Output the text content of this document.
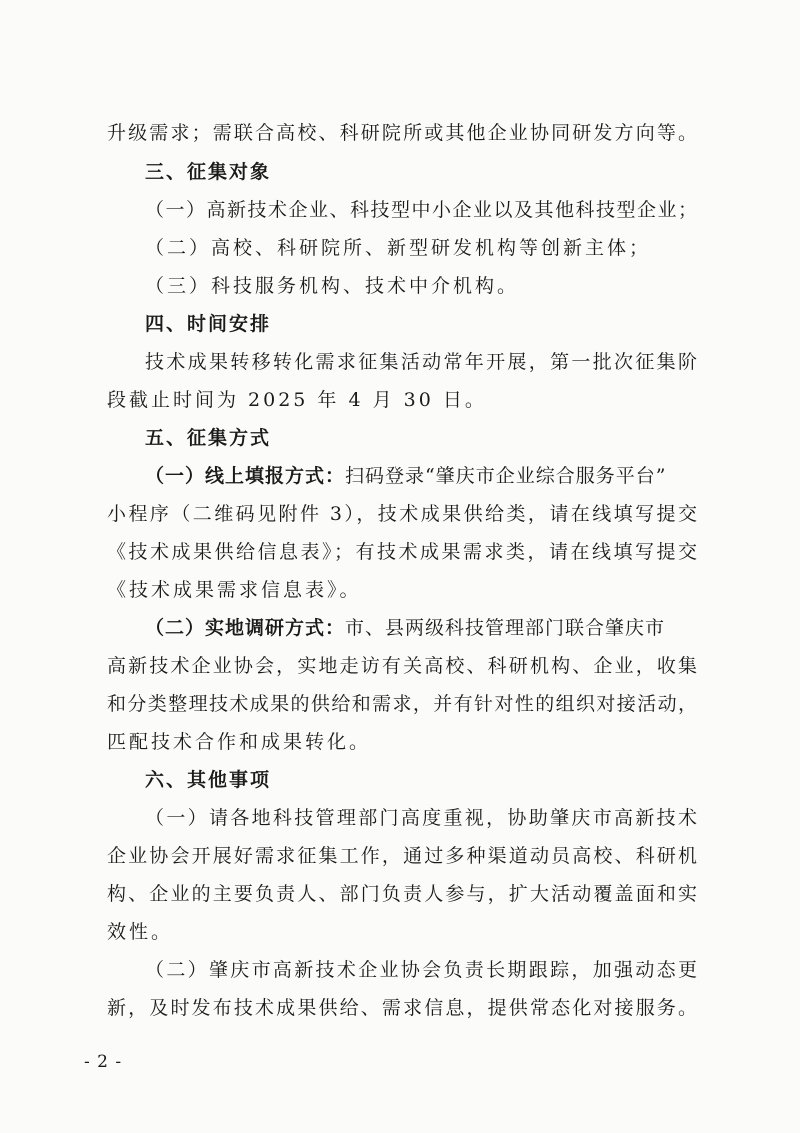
升级需求；需联合高校、科研院所或其他企业协同研发方向等。
三、征集对象
（一）高新技术企业、科技型中小企业以及其他科技型企业；
（二）高校、科研院所、新型研发机构等创新主体；
（三）科技服务机构、技术中介机构。
四、时间安排
技术成果转移转化需求征集活动常年开展，第一批次征集阶
段截止时间为 2025 年 4 月 30 日。
五、征集方式
（一）线上填报方式：扫码登录“肇庆市企业综合服务平台”
小程序（二维码见附件 3），技术成果供给类，请在线填写提交
《技术成果供给信息表》；有技术成果需求类，请在线填写提交
《技术成果需求信息表》。
（二）实地调研方式：市、县两级科技管理部门联合肇庆市
高新技术企业协会，实地走访有关高校、科研机构、企业，收集
和分类整理技术成果的供给和需求，并有针对性的组织对接活动，
匹配技术合作和成果转化。
六、其他事项
（一）请各地科技管理部门高度重视，协助肇庆市高新技术
企业协会开展好需求征集工作，通过多种渠道动员高校、科研机
构、企业的主要负责人、部门负责人参与，扩大活动覆盖面和实
效性。
（二）肇庆市高新技术企业协会负责长期跟踪，加强动态更
新，及时发布技术成果供给、需求信息，提供常态化对接服务。
- 2 -
